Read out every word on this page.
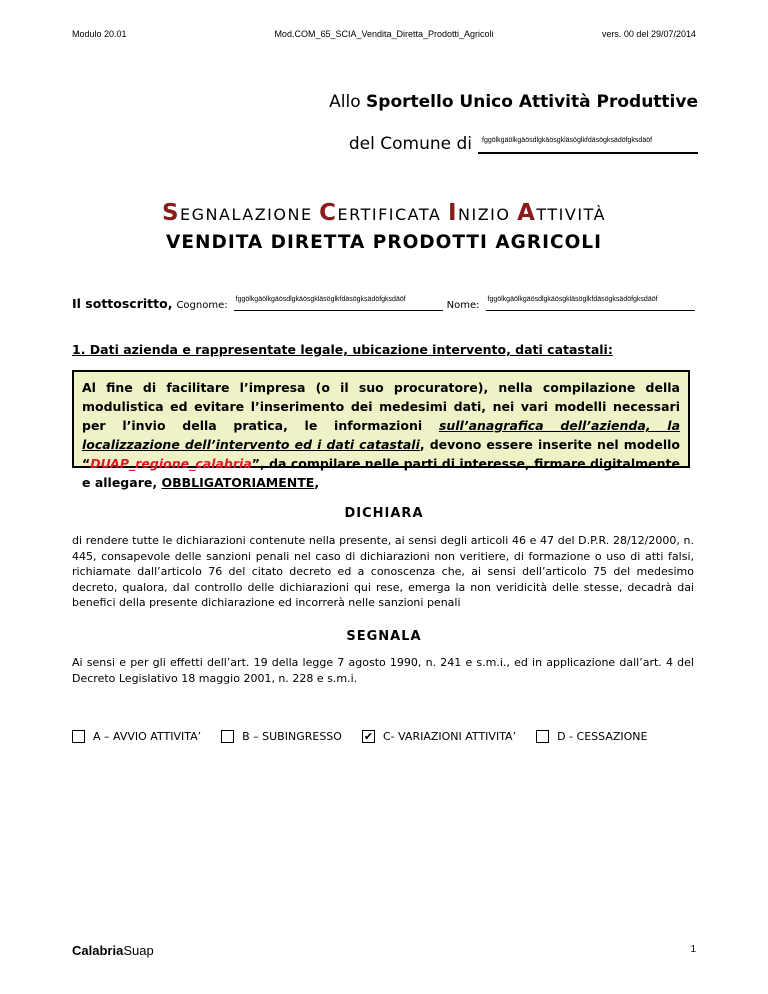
Modulo 20.01	Mod.COM_65_SCIA_Vendita_Diretta_Prodotti_Agricoli	vers. 00 del 29/07/2014
Allo Sportello Unico Attività Produttive
del Comune di	fggölkgäölkgäösdlgkäösgkläsöglkfdäsögksädöfgksdäöf
SEGNALAZIONE CERTIFICATA INIZIO ATTIVITÀ
VENDITA DIRETTA PRODOTTI AGRICOLI
Il sottoscritto, Cognome:
fggölkgäölkgäösdlgkäösgkläsöglkfdäsögksädöfgksdäöf
Nome:
fggölkgäölkgäösdlgkäösgkläsöglkfdäsögksädöfgksdäöf
1. Dati azienda e rappresentate legale, ubicazione intervento, dati catastali:
Al fine di facilitare l’impresa (o il suo procuratore), nella compilazione della modulistica ed evitare l’inserimento dei medesimi dati, nei vari modelli necessari per l’invio della pratica, le informazioni sull’anagrafica dell’azienda, la localizzazione dell’intervento ed i dati catastali, devono essere inserite nel modello “DUAP_regione_calabria”, da compilare nelle parti di interesse, firmare digitalmente e allegare, OBBLIGATORIAMENTE,
DICHIARA
di rendere tutte le dichiarazioni contenute nella presente, ai sensi degli articoli 46 e 47 del D.P.R. 28/12/2000, n. 445, consapevole delle sanzioni penali nel caso di dichiarazioni non veritiere, di formazione o uso di atti falsi, richiamate dall’articolo 76 del citato decreto ed a conoscenza che, ai sensi dell’articolo 75 del medesimo decreto, qualora, dal controllo delle dichiarazioni qui rese, emerga la non veridicità delle stesse, decadrà dai benefici della presente dichiarazione ed incorrerà nelle sanzioni penali
SEGNALA
Ai sensi e per gli effetti dell’art. 19 della legge 7 agosto 1990, n. 241 e s.m.i., ed in applicazione dall’art. 4 del Decreto Legislativo 18 maggio 2001, n. 228 e s.m.i.
A – AVVIO ATTIVITA’	B – SUBINGRESSO ✔ C- VARIAZIONI ATTIVITA’	D - CESSAZIONE
CalabriaSuap	1
